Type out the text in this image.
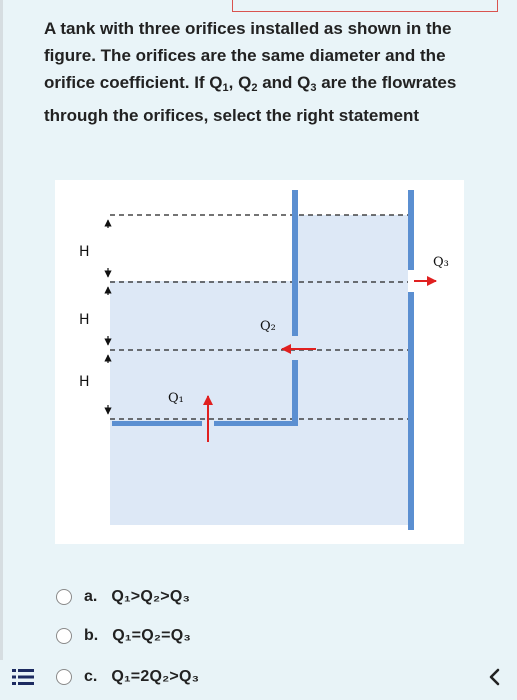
A tank with three orifices installed as shown in the figure. The orifices are the same diameter and the orifice coefficient. If Q1, Q2 and Q3 are the flowrates through the orifices, select the right statement
H
H
H
Q₁
Q₂
Q₃
a. Q₁>Q₂>Q₃
b. Q₁=Q₂=Q₃
c. Q₁=2Q₂>Q₃
